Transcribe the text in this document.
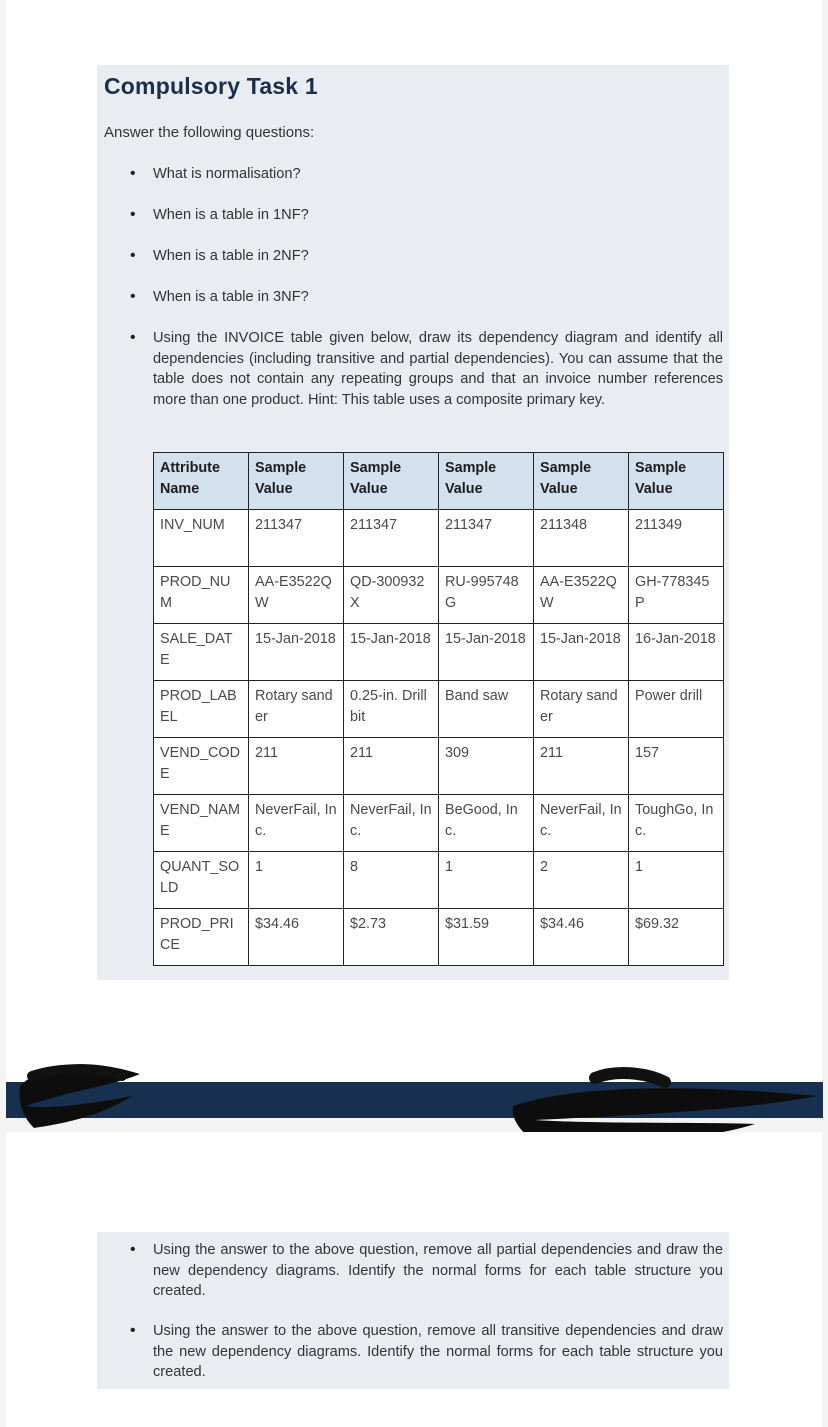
Compulsory Task 1
Answer the following questions:
• What is normalisation?
• When is a table in 1NF?
• When is a table in 2NF?
• When is a table in 3NF?
• Using the INVOICE table given below, draw its dependency diagram and identify all dependencies (including transitive and partial dependencies). You can assume that the table does not contain any repeating groups and that an invoice number references more than one product. Hint: This table uses a composite primary key.
Attribute Name	Sample Value	Sample Value	Sample Value	Sample Value	Sample Value
INV_NUM	211347	211347	211347	211348	211349
PROD_NUM	AA-E3522QW	QD-300932X	RU-995748G	AA-E3522QW	GH-778345P
SALE_DATE	15-Jan-2018	15-Jan-2018	15-Jan-2018	15-Jan-2018	16-Jan-2018
PROD_LABEL	Rotary sander	0.25-in. Drill bit	Band saw	Rotary sander	Power drill
VEND_CODE	211	211	309	211	157
VEND_NAME	NeverFail, Inc.	NeverFail, Inc.	BeGood, Inc.	NeverFail, Inc.	ToughGo, Inc.
QUANT_SOLD	1	8	1	2	1
PROD_PRICE	$34.46	$2.73	$31.59	$34.46	$69.32
• Using the answer to the above question, remove all partial dependencies and draw the new dependency diagrams. Identify the normal forms for each table structure you created.
• Using the answer to the above question, remove all transitive dependencies and draw the new dependency diagrams. Identify the normal forms for each table structure you created.
